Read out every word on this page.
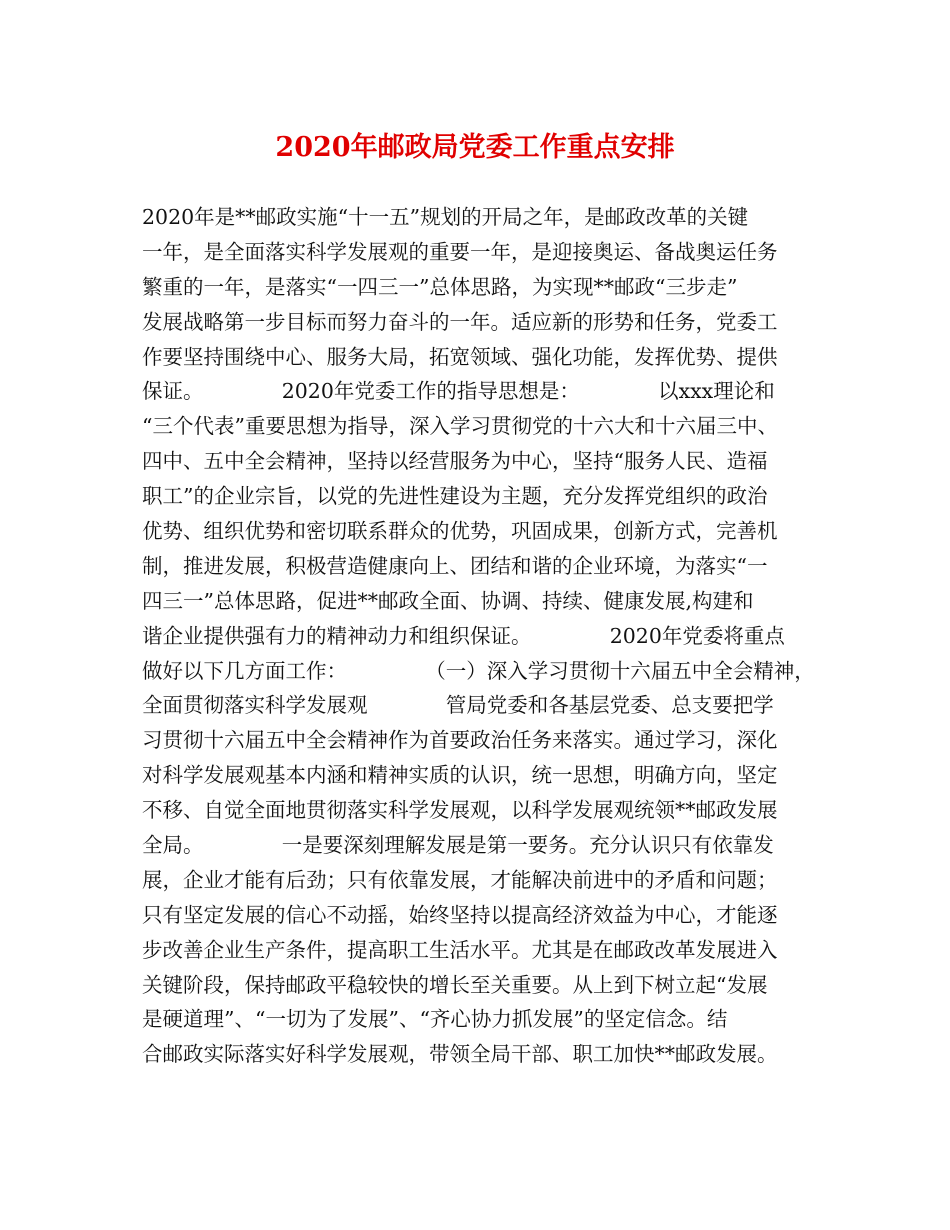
2020年邮政局党委工作重点安排
2020年是**邮政实施“十一五”规划的开局之年，是邮政改革的关键
一年，是全面落实科学发展观的重要一年，是迎接奥运、备战奥运任务
繁重的一年，是落实“一四三一”总体思路，为实现**邮政“三步走”
发展战略第一步目标而努力奋斗的一年。适应新的形势和任务，党委工
作要坚持围绕中心、服务大局，拓宽领域、强化功能，发挥优势、提供
保证。            2020年党委工作的指导思想是：            以xxx理论和
“三个代表”重要思想为指导，深入学习贯彻党的十六大和十六届三中、
四中、五中全会精神，坚持以经营服务为中心，坚持“服务人民、造福
职工”的企业宗旨，以党的先进性建设为主题，充分发挥党组织的政治
优势、组织优势和密切联系群众的优势，巩固成果，创新方式，完善机
制，推进发展，积极营造健康向上、团结和谐的企业环境，为落实“一
四三一”总体思路，促进**邮政全面、协调、持续、健康发展,构建和
谐企业提供强有力的精神动力和组织保证。            2020年党委将重点
做好以下几方面工作：            （一）深入学习贯彻十六届五中全会精神，
全面贯彻落实科学发展观            管局党委和各基层党委、总支要把学
习贯彻十六届五中全会精神作为首要政治任务来落实。通过学习，深化
对科学发展观基本内涵和精神实质的认识，统一思想，明确方向，坚定
不移、自觉全面地贯彻落实科学发展观，以科学发展观统领**邮政发展
全局。            一是要深刻理解发展是第一要务。充分认识只有依靠发
展，企业才能有后劲；只有依靠发展，才能解决前进中的矛盾和问题；
只有坚定发展的信心不动摇，始终坚持以提高经济效益为中心，才能逐
步改善企业生产条件，提高职工生活水平。尤其是在邮政改革发展进入
关键阶段，保持邮政平稳较快的增长至关重要。从上到下树立起“发展
是硬道理”、“一切为了发展”、“齐心协力抓发展”的坚定信念。结
合邮政实际落实好科学发展观，带领全局干部、职工加快**邮政发展。
